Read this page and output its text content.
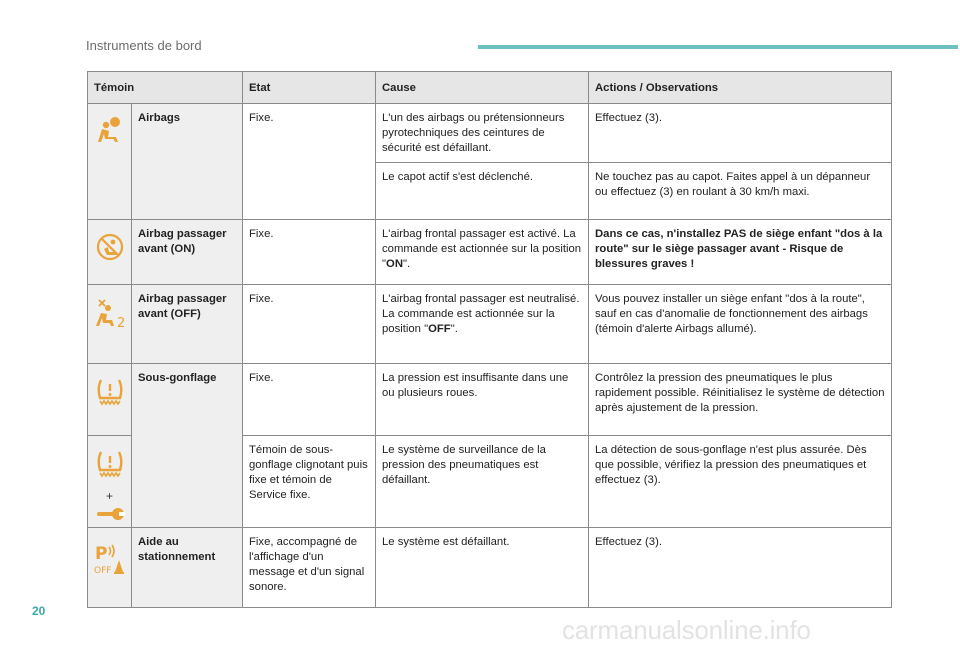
Instruments de bord
Témoin		Etat	Cause	Actions / Observations
	Airbags	Fixe.	L'un des airbags ou prétensionneurs pyrotechniques des ceintures de sécurité est défaillant.	Effectuez (3).
			Le capot actif s'est déclenché.	Ne touchez pas au capot. Faites appel à un dépanneur ou effectuez (3) en roulant à 30 km/h maxi.
	Airbag passager avant (ON)	Fixe.	L'airbag frontal passager est activé. La commande est actionnée sur la position "ON".	Dans ce cas, n'installez PAS de siège enfant "dos à la route" sur le siège passager avant - Risque de blessures graves !

2	Airbag passager avant (OFF)	Fixe.	L'airbag frontal passager est neutralisé. La commande est actionnée sur la position "OFF".	Vous pouvez installer un siège enfant "dos à la route", sauf en cas d'anomalie de fonctionnement des airbags (témoin d'alerte Airbags allumé).
	Sous-gonflage	Fixe.	La pression est insuffisante dans une ou plusieurs roues.	Contrôlez la pression des pneumatiques le plus rapidement possible. Réinitialisez le système de détection après ajustement de la pression.

+		Témoin de sous-gonflage clignotant puis fixe et témoin de Service fixe.	Le système de surveillance de la pression des pneumatiques est défaillant.	La détection de sous-gonflage n'est plus assurée. Dès que possible, vérifiez la pression des pneumatiques et effectuez (3).

P
OFF	Aide au stationnement	Fixe, accompagné de l'affichage d'un message et d'un signal sonore.	Le système est défaillant.	Effectuez (3).
20
carmanualsonline.info
